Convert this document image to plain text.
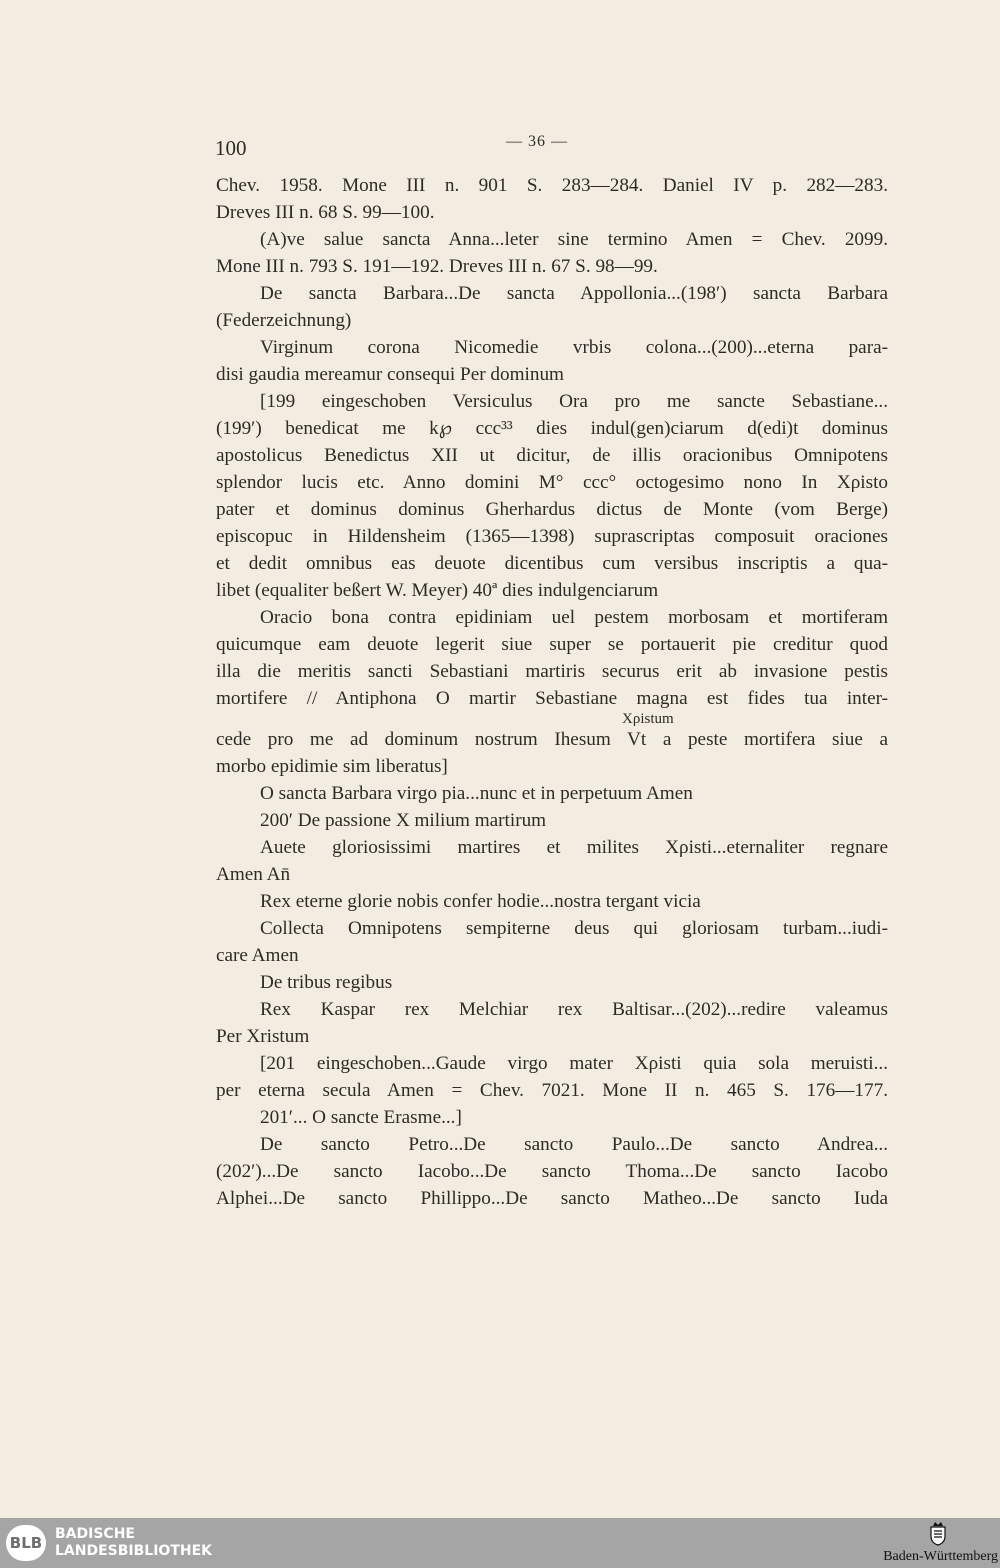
100	— 36 —
Chev. 1958. Mone III n. 901 S. 283—284. Daniel IV p. 282—283.
Dreves III n. 68 S. 99—100.
(A)ve salue sancta Anna...leter sine termino Amen = Chev. 2099.
Mone III n. 793 S. 191—192. Dreves III n. 67 S. 98—99.
De sancta Barbara...De sancta Appollonia...(198′) sancta Barbara
(Federzeichnung)
Virginum corona Nicomedie vrbis colona...(200)...eterna para-
disi gaudia mereamur consequi Per dominum
[199 eingeschoben Versiculus Ora pro me sancte Sebastiane...
(199′) benedicat me k℘ ccc³³ dies indul(gen)ciarum d(edi)t dominus
apostolicus Benedictus XII ut dicitur, de illis oracionibus Omnipotens
splendor lucis etc. Anno domini M° ccc° octogesimo nono In Xρisto
pater et dominus dominus Gherhardus dictus de Monte (vom Berge)
episcopuc in Hildensheim (1365—1398) suprascriptas composuit oraciones
et dedit omnibus eas deuote dicentibus cum versibus inscriptis a qua-
libet (equaliter beßert W. Meyer) 40ª dies indulgenciarum
Oracio bona contra epidiniam uel pestem morbosam et mortiferam
quicumque eam deuote legerit siue super se portauerit pie creditur quod
illa die meritis sancti Sebastiani martiris securus erit ab invasione pestis
mortifere // Antiphona O martir Sebastiane magna est fides tua inter-
Xρistum
cede pro me ad dominum nostrum Ihesum Vt a peste mortifera siue a
morbo epidimie sim liberatus]
O sancta Barbara virgo pia...nunc et in perpetuum Amen
200′ De passione X milium martirum
Auete gloriosissimi martires et milites Xρisti...eternaliter regnare
Amen An̄
Rex eterne glorie nobis confer hodie...nostra tergant vicia
Collecta Omnipotens sempiterne deus qui gloriosam turbam...iudi-
care Amen
De tribus regibus
Rex Kaspar rex Melchiar rex Baltisar...(202)...redire valeamus
Per Xristum
[201 eingeschoben...Gaude virgo mater Xρisti quia sola meruisti...
per eterna secula Amen = Chev. 7021. Mone II n. 465 S. 176—177.
201′... O sancte Erasme...]
De sancto Petro...De sancto Paulo...De sancto Andrea...
(202′)...De sancto Iacobo...De sancto Thoma...De sancto Iacobo
Alphei...De sancto Phillippo...De sancto Matheo...De sancto Iuda
BLB BADISCHE
LANDESBIBLIOTHEK	Baden-Württemberg
